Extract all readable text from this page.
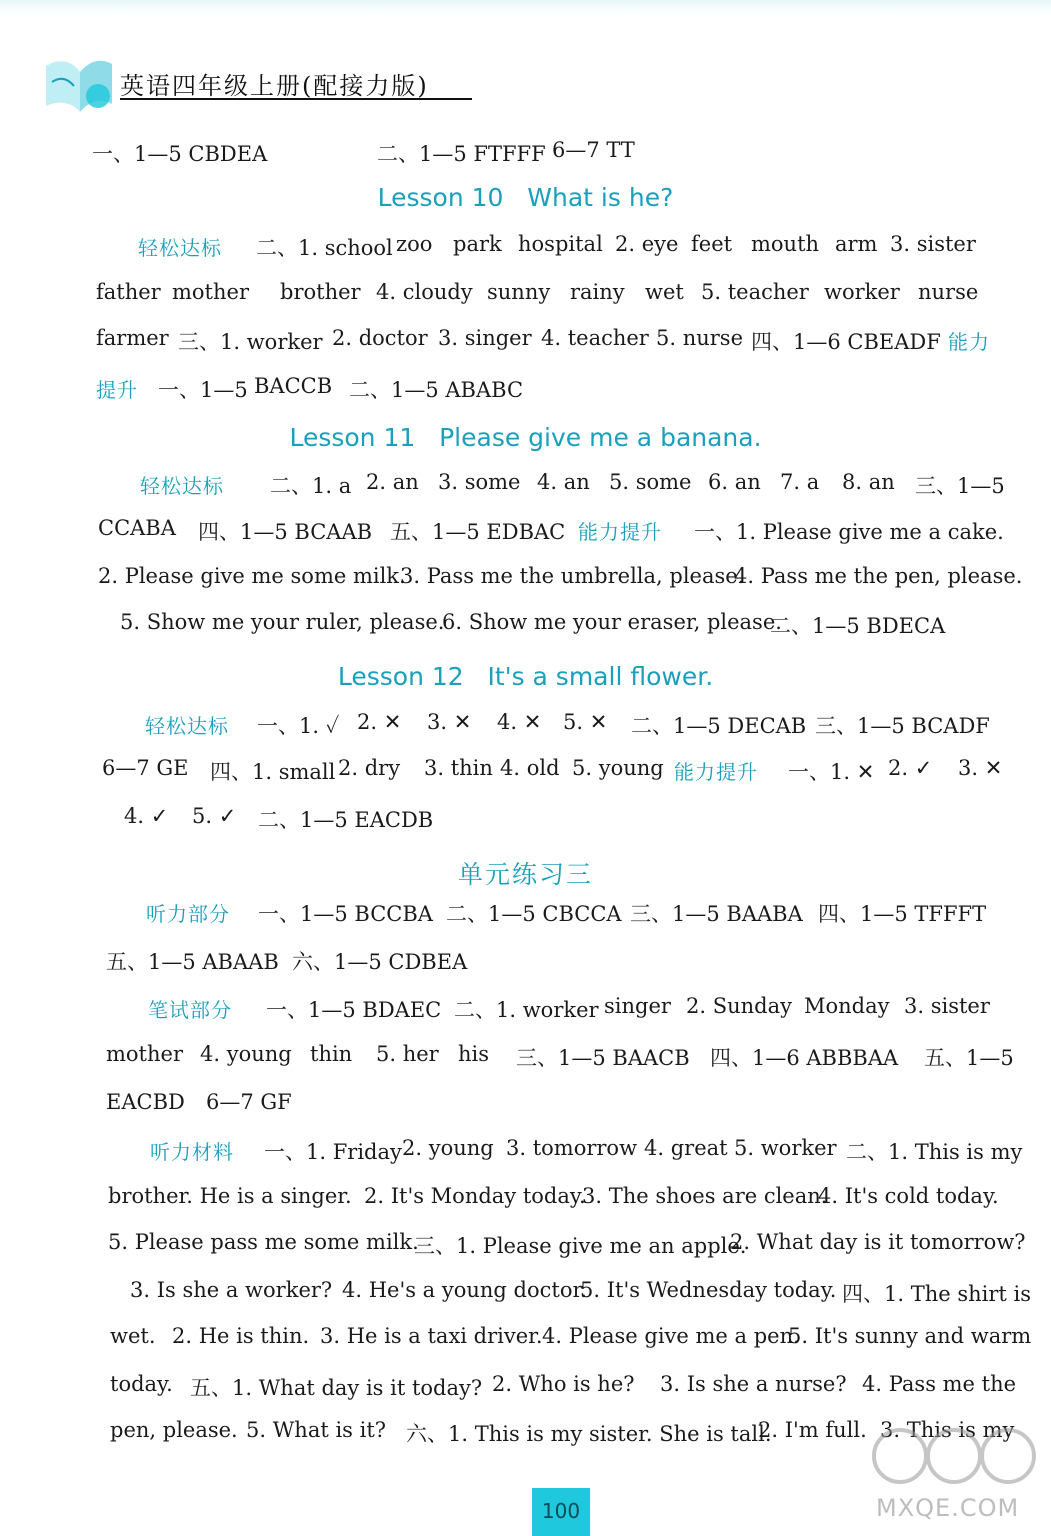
英语四年级上册(配接力版)
一、1—5 CBDEA	二、1—5 FTFFF 6—7 TT
轻松达标 二、1. school zoo park hospital 2. eye feet mouth arm 3. sister
father mother brother 4. cloudy sunny rainy wet 5. teacher worker nurse
farmer 三、1. worker 2. doctor 3. singer 4. teacher 5. nurse 四、1—6 CBEADF 能力
提升 一、1—5 BACCB 二、1—5 ABABC
轻松达标 二、1. a 2. an 3. some 4. an 5. some 6. an 7. a 8. an 三、1—5
CCABA 四、1—5 BCAAB 五、1—5 EDBAC 能力提升 一、1. Please give me a cake.
2. Please give me some milk.
3. Pass me the umbrella, please.
4. Pass me the pen, please.
5. Show me your ruler, please.
6. Show me your eraser, please.
二、1—5 BDECA
轻松达标 一、1. ✓ 2. ✕ 3. ✕ 4. ✕ 5. ✕ 二、1—5 DECAB 三、1—5 BCADF
6—7 GE 四、1. small 2. dry 3. thin 4. old 5. young 能力提升 一、1. ✕ 2. ✓ 3. ✕
4. ✓ 5. ✓ 二、1—5 EACDB
听力部分 一、1—5 BCCBA 二、1—5 CBCCA 三、1—5 BAABA 四、1—5 TFFFT
五、1—5 ABAAB 六、1—5 CDBEA
笔试部分 一、1—5 BDAEC 二、1. worker singer 2. Sunday Monday 3. sister
mother 4. young thin 5. her his 三、1—5 BAACB 四、1—6 ABBBAA 五、1—5
EACBD 6—7 GF
听力材料 一、1. Friday 2. young 3. tomorrow 4. great 5. worker 二、1. This is my
brother. He is a singer. 2. It's Monday today.
3. The shoes are clean.
4. It's cold today.
5. Please pass me some milk.
三、1. Please give me an apple.
2. What day is it tomorrow?
3. Is she a worker? 4. He's a young doctor.
5. It's Wednesday today. 四、1. The shirt is
wet. 2. He is thin. 3. He is a taxi driver. 4. Please give me a pen.
5. It's sunny and warm
today. 五、1. What day is it today? 2. Who is he? 3. Is she a nurse? 4. Pass me the
pen, please. 5. What is it? 六、1. This is my sister. She is tall.
2. I'm full. 3. This is my
Lesson 10   What is he?
Lesson 11   Please give me a banana.
Lesson 12   It's a small flower.
单元练习三
100	MXQE.COM
